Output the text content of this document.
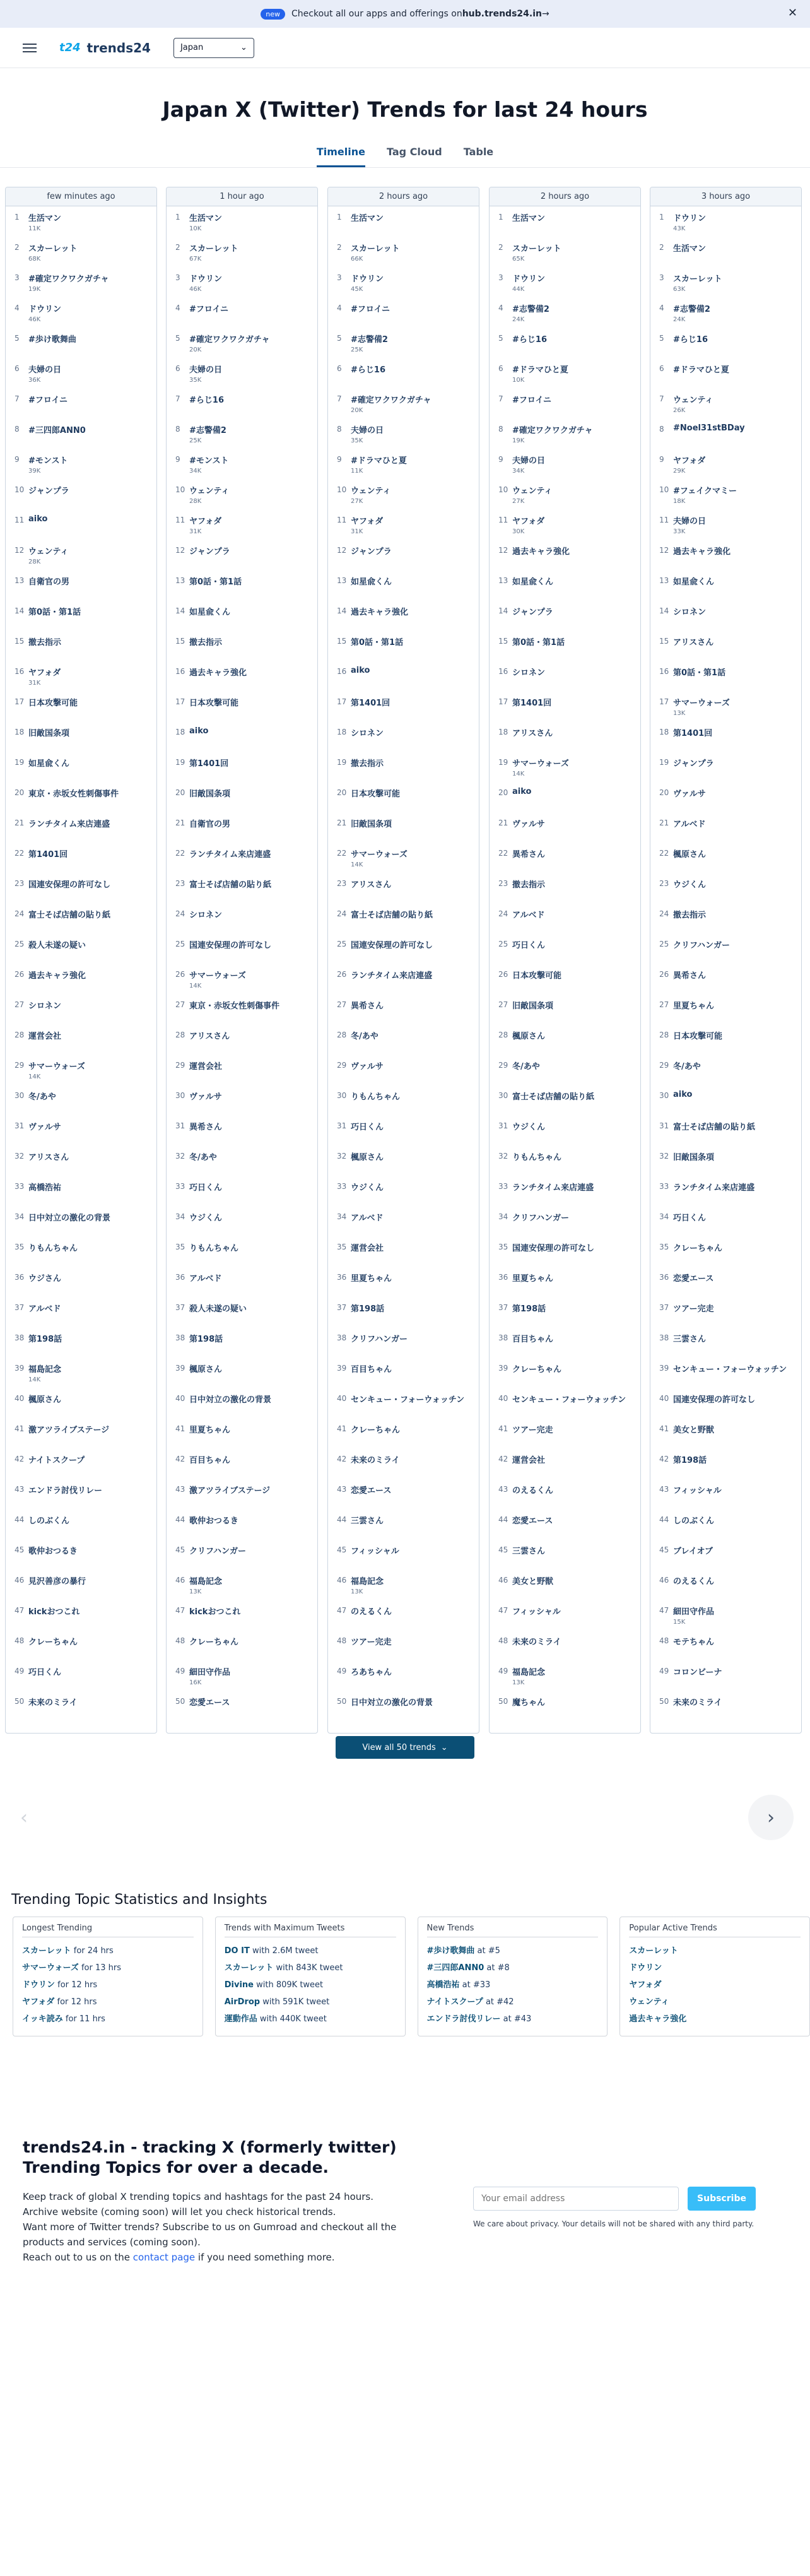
new	Checkout all our apps and offerings on hub.trends24.in →	✕
t24 trends24	Japan	⌄
Japan X (Twitter) Trends for last 24 hours
Timeline Tag Cloud Table
3 hours ago
1	ドウリン
43K
2	生活マン
3	スカーレット
63K
4	#志警備2
24K
5	#らじ16
6	#ドラマひと夏
7	ウェンティ
26K
8	#Noel31stBDay
9	ヤフォダ
29K
10 #フェイクマミー
18K
11 夫婦の日
33K
12 過去キャラ強化
13 如星兪くん
14 シロネン
15 アリスさん
16 第0話・第1話
17 サマーウォーズ
13K
18 第1401回
19 ジャンプラ
20 ヴァルサ
21 アルベド
22 楓原さん
23 ウジくん
24 撤去指示
25 クリフハンガー
26 異希さん
27 里夏ちゃん
28 日本攻撃可能
29 冬/あや
30 aiko
31 富士そば店舗の貼り紙
32 旧敵国条項
33 ランチタイム来店連盛
34 巧日くん
35 クレーちゃん
36 恋愛エース
37 ツアー完走
38 三雲さん
39 センキュー・フォーウォッチン
40 国連安保理の許可なし
41 美女と野獣
42 第198話
43 フィッシャル
44 しのぶくん
45 ブレイオブ
46 のえるくん
47 細田守作品
15K
48 モテちゃん
49 コロンビーナ
50 未来のミライ
2 hours ago
1	生活マン
2	スカーレット
65K
3	ドウリン
44K
4	#志警備2
24K
5	#らじ16
6	#ドラマひと夏
10K
7	#フロイニ
8	#確定ワクワクガチャ
19K
9	夫婦の日
34K
10 ウェンティ
27K
11 ヤフォダ
30K
12 過去キャラ強化
13 如星兪くん
14 ジャンプラ
15 第0話・第1話
16 シロネン
17 第1401回
18 アリスさん
19 サマーウォーズ
14K
20 aiko
21 ヴァルサ
22 異希さん
23 撤去指示
24 アルベド
25 巧日くん
26 日本攻撃可能
27 旧敵国条項
28 楓原さん
29 冬/あや
30 富士そば店舗の貼り紙
31 ウジくん
32 りもんちゃん
33 ランチタイム来店連盛
34 クリフハンガー
35 国連安保理の許可なし
36 里夏ちゃん
37 第198話
38 百目ちゃん
39 クレーちゃん
40 センキュー・フォーウォッチン
41 ツアー完走
42 運営会社
43 のえるくん
44 恋愛エース
45 三雲さん
46 美女と野獣
47 フィッシャル
48 未来のミライ
49 福島記念
13K
50 魔ちゃん
2 hours ago
1	生活マン
2	スカーレット
66K
3	ドウリン
45K
4	#フロイニ
5	#志警備2
25K
6	#らじ16
7	#確定ワクワクガチャ
20K
8	夫婦の日
35K
9	#ドラマひと夏
11K
10 ウェンティ
27K
11 ヤフォダ
31K
12 ジャンプラ
13 如星兪くん
14 過去キャラ強化
15 第0話・第1話
16 aiko
17 第1401回
18 シロネン
19 撤去指示
20 日本攻撃可能
21 旧敵国条項
22 サマーウォーズ
14K
23 アリスさん
24 富士そば店舗の貼り紙
25 国連安保理の許可なし
26 ランチタイム来店連盛
27 異希さん
28 冬/あや
29 ヴァルサ
30 りもんちゃん
31 巧日くん
32 楓原さん
33 ウジくん
34 アルベド
35 運営会社
36 里夏ちゃん
37 第198話
38 クリフハンガー
39 百目ちゃん
40 センキュー・フォーウォッチン
41 クレーちゃん
42 未来のミライ
43 恋愛エース
44 三雲さん
45 フィッシャル
46 福島記念
13K
47 のえるくん
48 ツアー完走
49 ろあちゃん
50 日中対立の激化の背景
1 hour ago
1	生活マン
10K
2	スカーレット
67K
3	ドウリン
46K
4	#フロイニ
5	#確定ワクワクガチャ
20K
6	夫婦の日
35K
7	#らじ16
8	#志警備2
25K
9	#モンスト
34K
10 ウェンティ
28K
11 ヤフォダ
31K
12 ジャンプラ
13 第0話・第1話
14 如星兪くん
15 撤去指示
16 過去キャラ強化
17 日本攻撃可能
18 aiko
19 第1401回
20 旧敵国条項
21 自衛官の男
22 ランチタイム来店連盛
23 富士そば店舗の貼り紙
24 シロネン
25 国連安保理の許可なし
26 サマーウォーズ
14K
27 東京・赤坂女性刺傷事件
28 アリスさん
29 運営会社
30 ヴァルサ
31 異希さん
32 冬/あや
33 巧日くん
34 ウジくん
35 りもんちゃん
36 アルベド
37 殺人未遂の疑い
38 第198話
39 楓原さん
40 日中対立の激化の背景
41 里夏ちゃん
42 百目ちゃん
43 激アツライブステージ
44 歌仲おつるき
45 クリフハンガー
46 福島記念
13K
47 kickおつこれ
48 クレーちゃん
49 細田守作品
16K
50 恋愛エース
few minutes ago
1	生活マン
11K
2	スカーレット
68K
3	#確定ワクワクガチャ
19K
4	ドウリン
46K
5	#歩け歌舞曲
6	夫婦の日
36K
7	#フロイニ
8	#三四郎ANN0
9	#モンスト
39K
10 ジャンプラ
11 aiko
12 ウェンティ
28K
13 自衛官の男
14 第0話・第1話
15 撤去指示
16 ヤフォダ
31K
17 日本攻撃可能
18 旧敵国条項
19 如星兪くん
20 東京・赤坂女性刺傷事件
21 ランチタイム来店連盛
22 第1401回
23 国連安保理の許可なし
24 富士そば店舗の貼り紙
25 殺人未遂の疑い
26 過去キャラ強化
27 シロネン
28 運営会社
29 サマーウォーズ
14K
30 冬/あや
31 ヴァルサ
32 アリスさん
33 高橋浩祐
34 日中対立の激化の背景
35 りもんちゃん
36 ウジさん
37 アルベド
38 第198話
39 福島記念
14K
40 楓原さん
41 激アツライブステージ
42 ナイトスクープ
43 エンドラ討伐リレー
44 しのぶくん
45 歌仲おつるき
46 見沢善彦の暴行
47 kickおつこれ
48 クレーちゃん
49 巧日くん
50 未来のミライ
View all 50 trends ⌄
‹	›
Trending Topic Statistics and Insights
Longest Trending
スカーレット for 24 hrs
サマーウォーズ for 13 hrs
ドウリン for 12 hrs
ヤフォダ for 12 hrs
イッキ読み for 11 hrs
Trends with Maximum Tweets
DO IT with 2.6M tweet
スカーレット with 843K tweet
Divine with 809K tweet
AirDrop with 591K tweet
運動作品 with 440K tweet
New Trends
#歩け歌舞曲 at #5
#三四郎ANN0 at #8
高橋浩祐 at #33
ナイトスクープ at #42
エンドラ討伐リレー at #43
Popular Active Trends
スカーレット
ドウリン
ヤフォダ
ウェンティ
過去キャラ強化
trends24.in - tracking X (formerly twitter) Trending Topics for over a decade.
Keep track of global X trending topics and hashtags for the past 24 hours.
Archive website (coming soon) will let you check historical trends.
Want more of Twitter trends? Subscribe to us on Gumroad and checkout all the products and services (coming soon).
Reach out to us on the contact page if you need something more.
Your email address
Subscribe
We care about privacy. Your details will not be shared with any third party.
